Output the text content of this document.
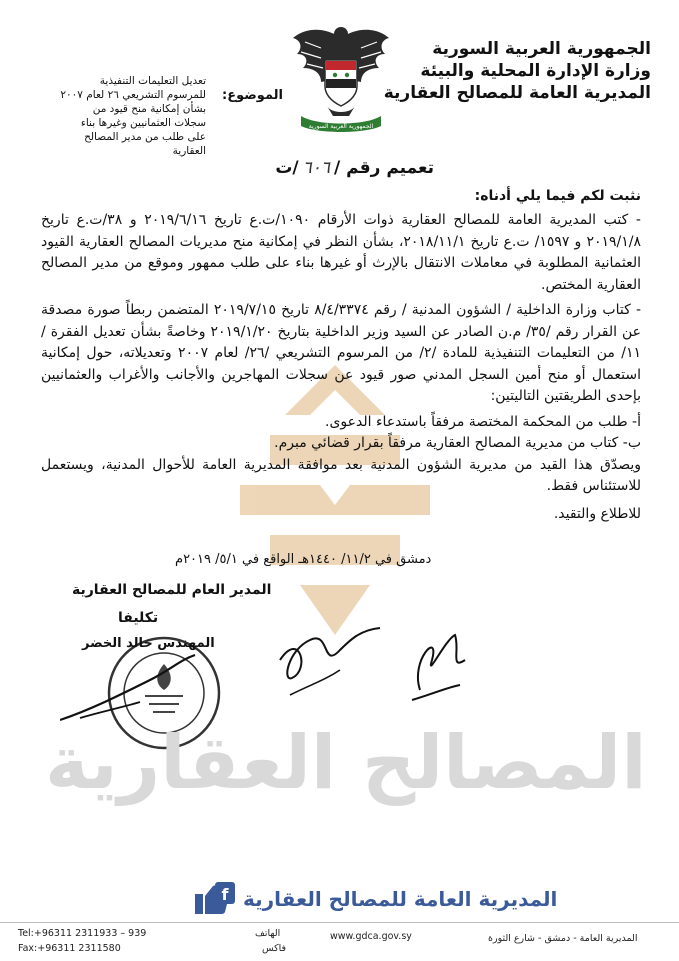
الجمهورية العربية السورية
وزارة الإدارة المحلية والبيئة
المديرية العامة للمصالح العقارية
الجمهورية العربية السورية
الموضوع:
تعديل التعليمات التنفيذية للمرسوم التشريعي ٢٦ لعام ٢٠٠٧ بشأن إمكانية منح قيود من سجلات العثمانيين وغيرها بناء على طلب من مدير المصالح العقارية
تعميم رقم /٦٠٦/ت
نثبت لكم فيما يلي أدناه:

- كتب المديرية العامة للمصالح العقارية ذوات الأرقام ١٠٩٠/ت.ع تاريخ ٢٠١٩/٦/١٦ و ٣٨/ت.ع تاريخ ٢٠١٩/١/٨ و ١٥٩٧/ ت.ع تاريخ ٢٠١٨/١١/١، بشأن النظر في إمكانية منح مديريات المصالح العقارية القيود العثمانية المطلوبة في معاملات الانتقال بالإرث أو غيرها بناء على طلب ممهور وموقع من مدير المصالح العقارية المختص.

- كتاب وزارة الداخلية / الشؤون المدنية / رقم ٨/٤/٣٣٧٤ تاريخ ٢٠١٩/٧/١٥ المتضمن ربطاً صورة مصدقة عن القرار رقم /٣٥/ م.ن الصادر عن السيد وزير الداخلية بتاريخ ٢٠١٩/١/٢٠ وخاصةً بشأن تعديل الفقرة /١١/ من التعليمات التنفيذية للمادة /٢/ من المرسوم التشريعي /٢٦/ لعام ٢٠٠٧ وتعديلاته، حول إمكانية استعمال أو منح أمين السجل المدني صور قيود عن سجلات المهاجرين والأجانب والأغراب والعثمانيين بإحدى الطريقتين التاليتين:

أ- طلب من المحكمة المختصة مرفقاً باستدعاء الدعوى.

ب- كتاب من مديرية المصالح العقارية مرفقاً بقرار قضائي مبرم.

ويصدّق هذا القيد من مديرية الشؤون المدنية بعد موافقة المديرية العامة للأحوال المدنية، ويستعمل للاستئناس فقط.

للاطلاع والتقيد.

دمشق في ١١/٢/ ١٤٤٠هـ الواقع في ٥/١/ ٢٠١٩م
المدير العام للمصالح العقارية
تكليفا
المهندس خالد الخضر
المصالح العقارية
f المديرية العامة للمصالح العقارية
Tel:+96311 2311933 – 939
Fax:+96311 2311580
الهاتف
فاكس
www.gdca.gov.sy	المديرية العامة - دمشق - شارع الثورة
